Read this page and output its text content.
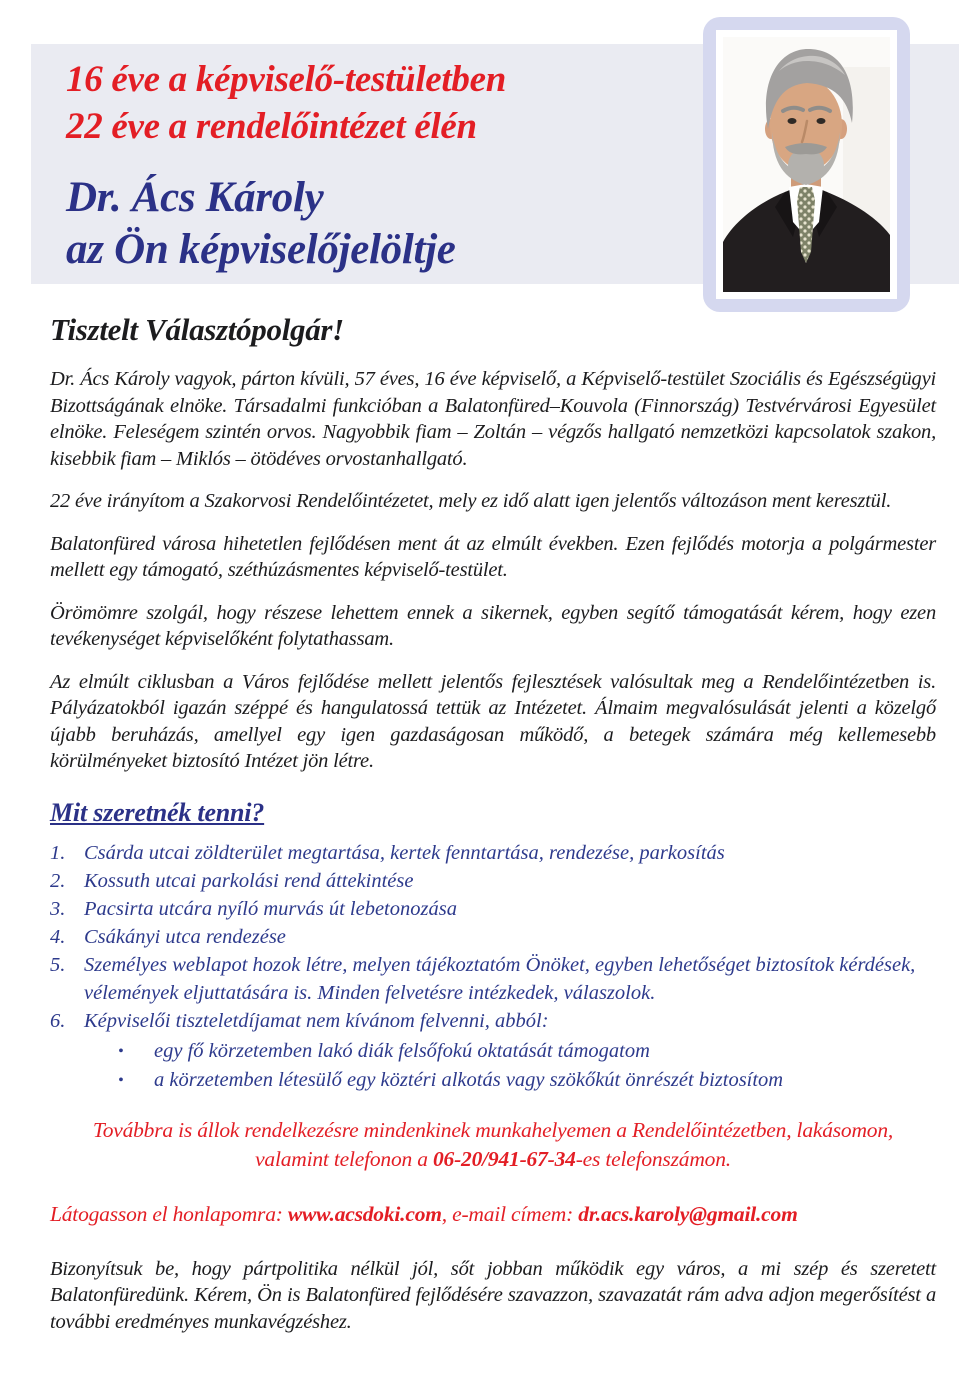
16 éve a képviselő-testületben
22 éve a rendelőintézet élén
Dr. Ács Károly
az Ön képviselőjelöltje
Tisztelt Választópolgár!

Dr. Ács Károly vagyok, párton kívüli, 57 éves, 16 éve képviselő, a Képviselő-testület Szociális és Egészségügyi Bizottságának elnöke. Társadalmi funkcióban a Balatonfüred–Kouvola (Finnország) Testvérvárosi Egyesület elnöke. Feleségem szintén orvos. Nagyobbik fiam – Zoltán – végzős hallgató nemzetközi kapcsolatok szakon, kisebbik fiam – Miklós – ötödéves orvostanhallgató.

22 éve irányítom a Szakorvosi Rendelőintézetet, mely ez idő alatt igen jelentős változáson ment keresztül.

Balatonfüred városa hihetetlen fejlődésen ment át az elmúlt években. Ezen fejlődés motorja a polgármester mellett egy támogató, széthúzásmentes képviselő-testület.

Örömömre szolgál, hogy részese lehettem ennek a sikernek, egyben segítő támogatását kérem, hogy ezen tevékenységet képviselőként folytathassam.

Az elmúlt ciklusban a Város fejlődése mellett jelentős fejlesztések valósultak meg a Rendelőintézetben is. Pályázatokból igazán széppé és hangulatossá tettük az Intézetet. Álmaim megvalósulását jelenti a közelgő újabb beruházás, amellyel egy igen gazdaságosan működő, a betegek számára még kellemesebb körülményeket biztosító Intézet jön létre.

Mit szeretnék tenni?
1. Csárda utcai zöldterület megtartása, kertek fenntartása, rendezése, parkosítás
2. Kossuth utcai parkolási rend áttekintése
3. Pacsirta utcára nyíló murvás út lebetonozása
4. Csákányi utca rendezése
5. Személyes weblapot hozok létre, melyen tájékoztatóm Önöket, egyben lehetőséget biztosítok kérdések, vélemények eljuttatására is. Minden felvetésre intézkedek, válaszolok.
6. Képviselői tiszteletdíjamat nem kívánom felvenni, abból:
•	egy fő körzetemben lakó diák felsőfokú oktatását támogatom
•	a körzetemben létesülő egy köztéri alkotás vagy szökőkút önrészét biztosítom
Továbbra is állok rendelkezésre mindenkinek munkahelyemen a Rendelőintézetben, lakásomon, valamint telefonon a 06-20/941-67-34-es telefonszámon.
Látogasson el honlapomra: www.acsdoki.com, e-mail címem: dr.acs.karoly@gmail.com

Bizonyítsuk be, hogy pártpolitika nélkül jól, sőt jobban működik egy város, a mi szép és szeretett Balatonfüredünk. Kérem, Ön is Balatonfüred fejlődésére szavazzon, szavazatát rám adva adjon megerősítést a további eredményes munkavégzéshez.
